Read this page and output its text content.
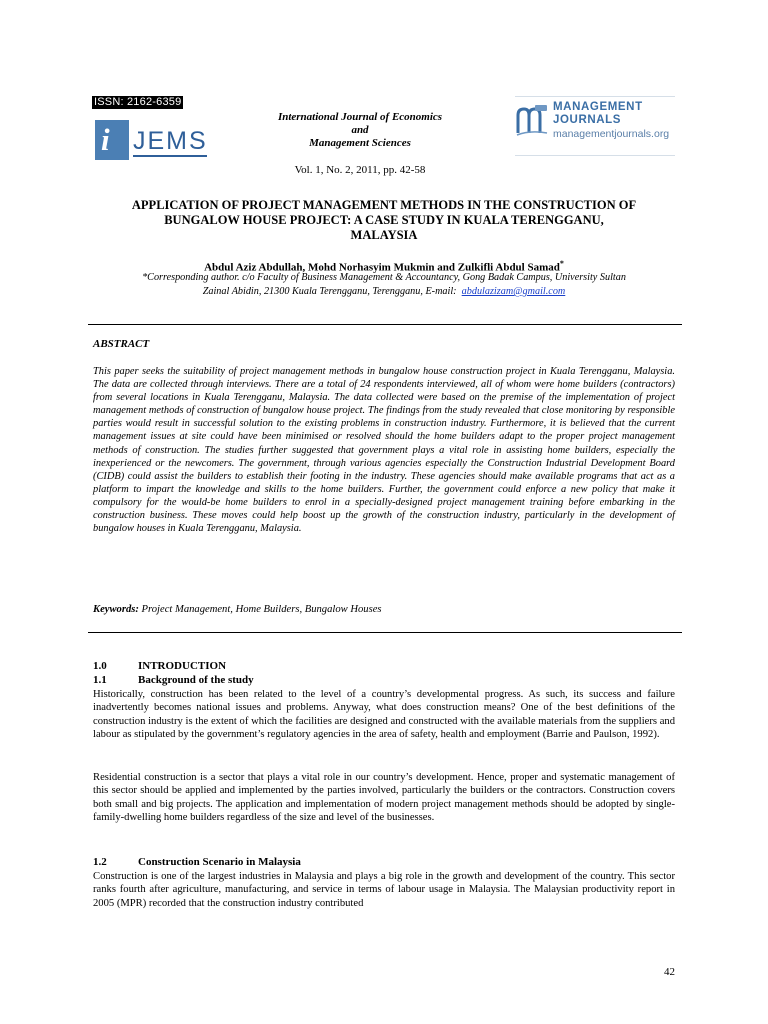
ISSN: 2162-6359
i JEMS
International Journal of Economics
and
Management Sciences
Vol. 1, No. 2, 2011, pp. 42-58
MANAGEMENT
JOURNALS
managementjournals.org
APPLICATION OF PROJECT MANAGEMENT METHODS IN THE CONSTRUCTION OF
BUNGALOW HOUSE PROJECT: A CASE STUDY IN KUALA TERENGGANU,
MALAYSIA
Abdul Aziz Abdullah, Mohd Norhasyim Mukmin and Zulkifli Abdul Samad*
*Corresponding author. c/o Faculty of Business Management & Accountancy, Gong Badak Campus, University Sultan
Zainal Abidin, 21300 Kuala Terengganu, Terengganu, E-mail: abdulazizam@gmail.com
ABSTRACT
This paper seeks the suitability of project management methods in bungalow house construction project in Kuala Terengganu, Malaysia. The data are collected through interviews. There are a total of 24 respondents interviewed, all of whom were home builders (contractors) from several locations in Kuala Terengganu, Malaysia. The data collected were based on the premise of the implementation of project management methods of construction of bungalow house project. The findings from the study revealed that close monitoring by responsible parties would result in successful solution to the existing problems in construction industry. Furthermore, it is believed that the current management issues at site could have been minimised or resolved should the home builders adapt to the proper project management methods of construction. The studies further suggested that government plays a vital role in assisting home builders, especially the inexperienced or the newcomers. The government, through various agencies especially the Construction Industrial Development Board (CIDB) could assist the builders to establish their footing in the industry. These agencies should make available programs that act as a platform to impart the knowledge and skills to the home builders. Further, the government could enforce a new policy that make it compulsory for the would-be home builders to enrol in a specially-designed project management training before embarking in the construction business. These moves could help boost up the growth of the construction industry, particularly in the development of bungalow houses in Kuala Terengganu, Malaysia.
Keywords: Project Management, Home Builders, Bungalow Houses
1.0	INTRODUCTION
1.1	Background of the study
Historically, construction has been related to the level of a country’s developmental progress. As such, its success and failure inadvertently becomes national issues and problems. Anyway, what does construction means? One of the best definitions of the construction industry is the extent of which the facilities are designed and constructed with the available materials from the suppliers and labour as stipulated by the government’s regulatory agencies in the area of safety, health and employment (Barrie and Paulson, 1992).
Residential construction is a sector that plays a vital role in our country’s development. Hence, proper and systematic management of this sector should be applied and implemented by the parties involved, particularly the builders or the contractors. Construction covers both small and big projects. The application and implementation of modern project management methods should be adopted by single-family-dwelling home builders regardless of the size and level of the businesses.
1.2	Construction Scenario in Malaysia
Construction is one of the largest industries in Malaysia and plays a big role in the growth and development of the country. This sector ranks fourth after agriculture, manufacturing, and service in terms of labour usage in Malaysia. The Malaysian productivity report in 2005 (MPR) recorded that the construction industry contributed
42
